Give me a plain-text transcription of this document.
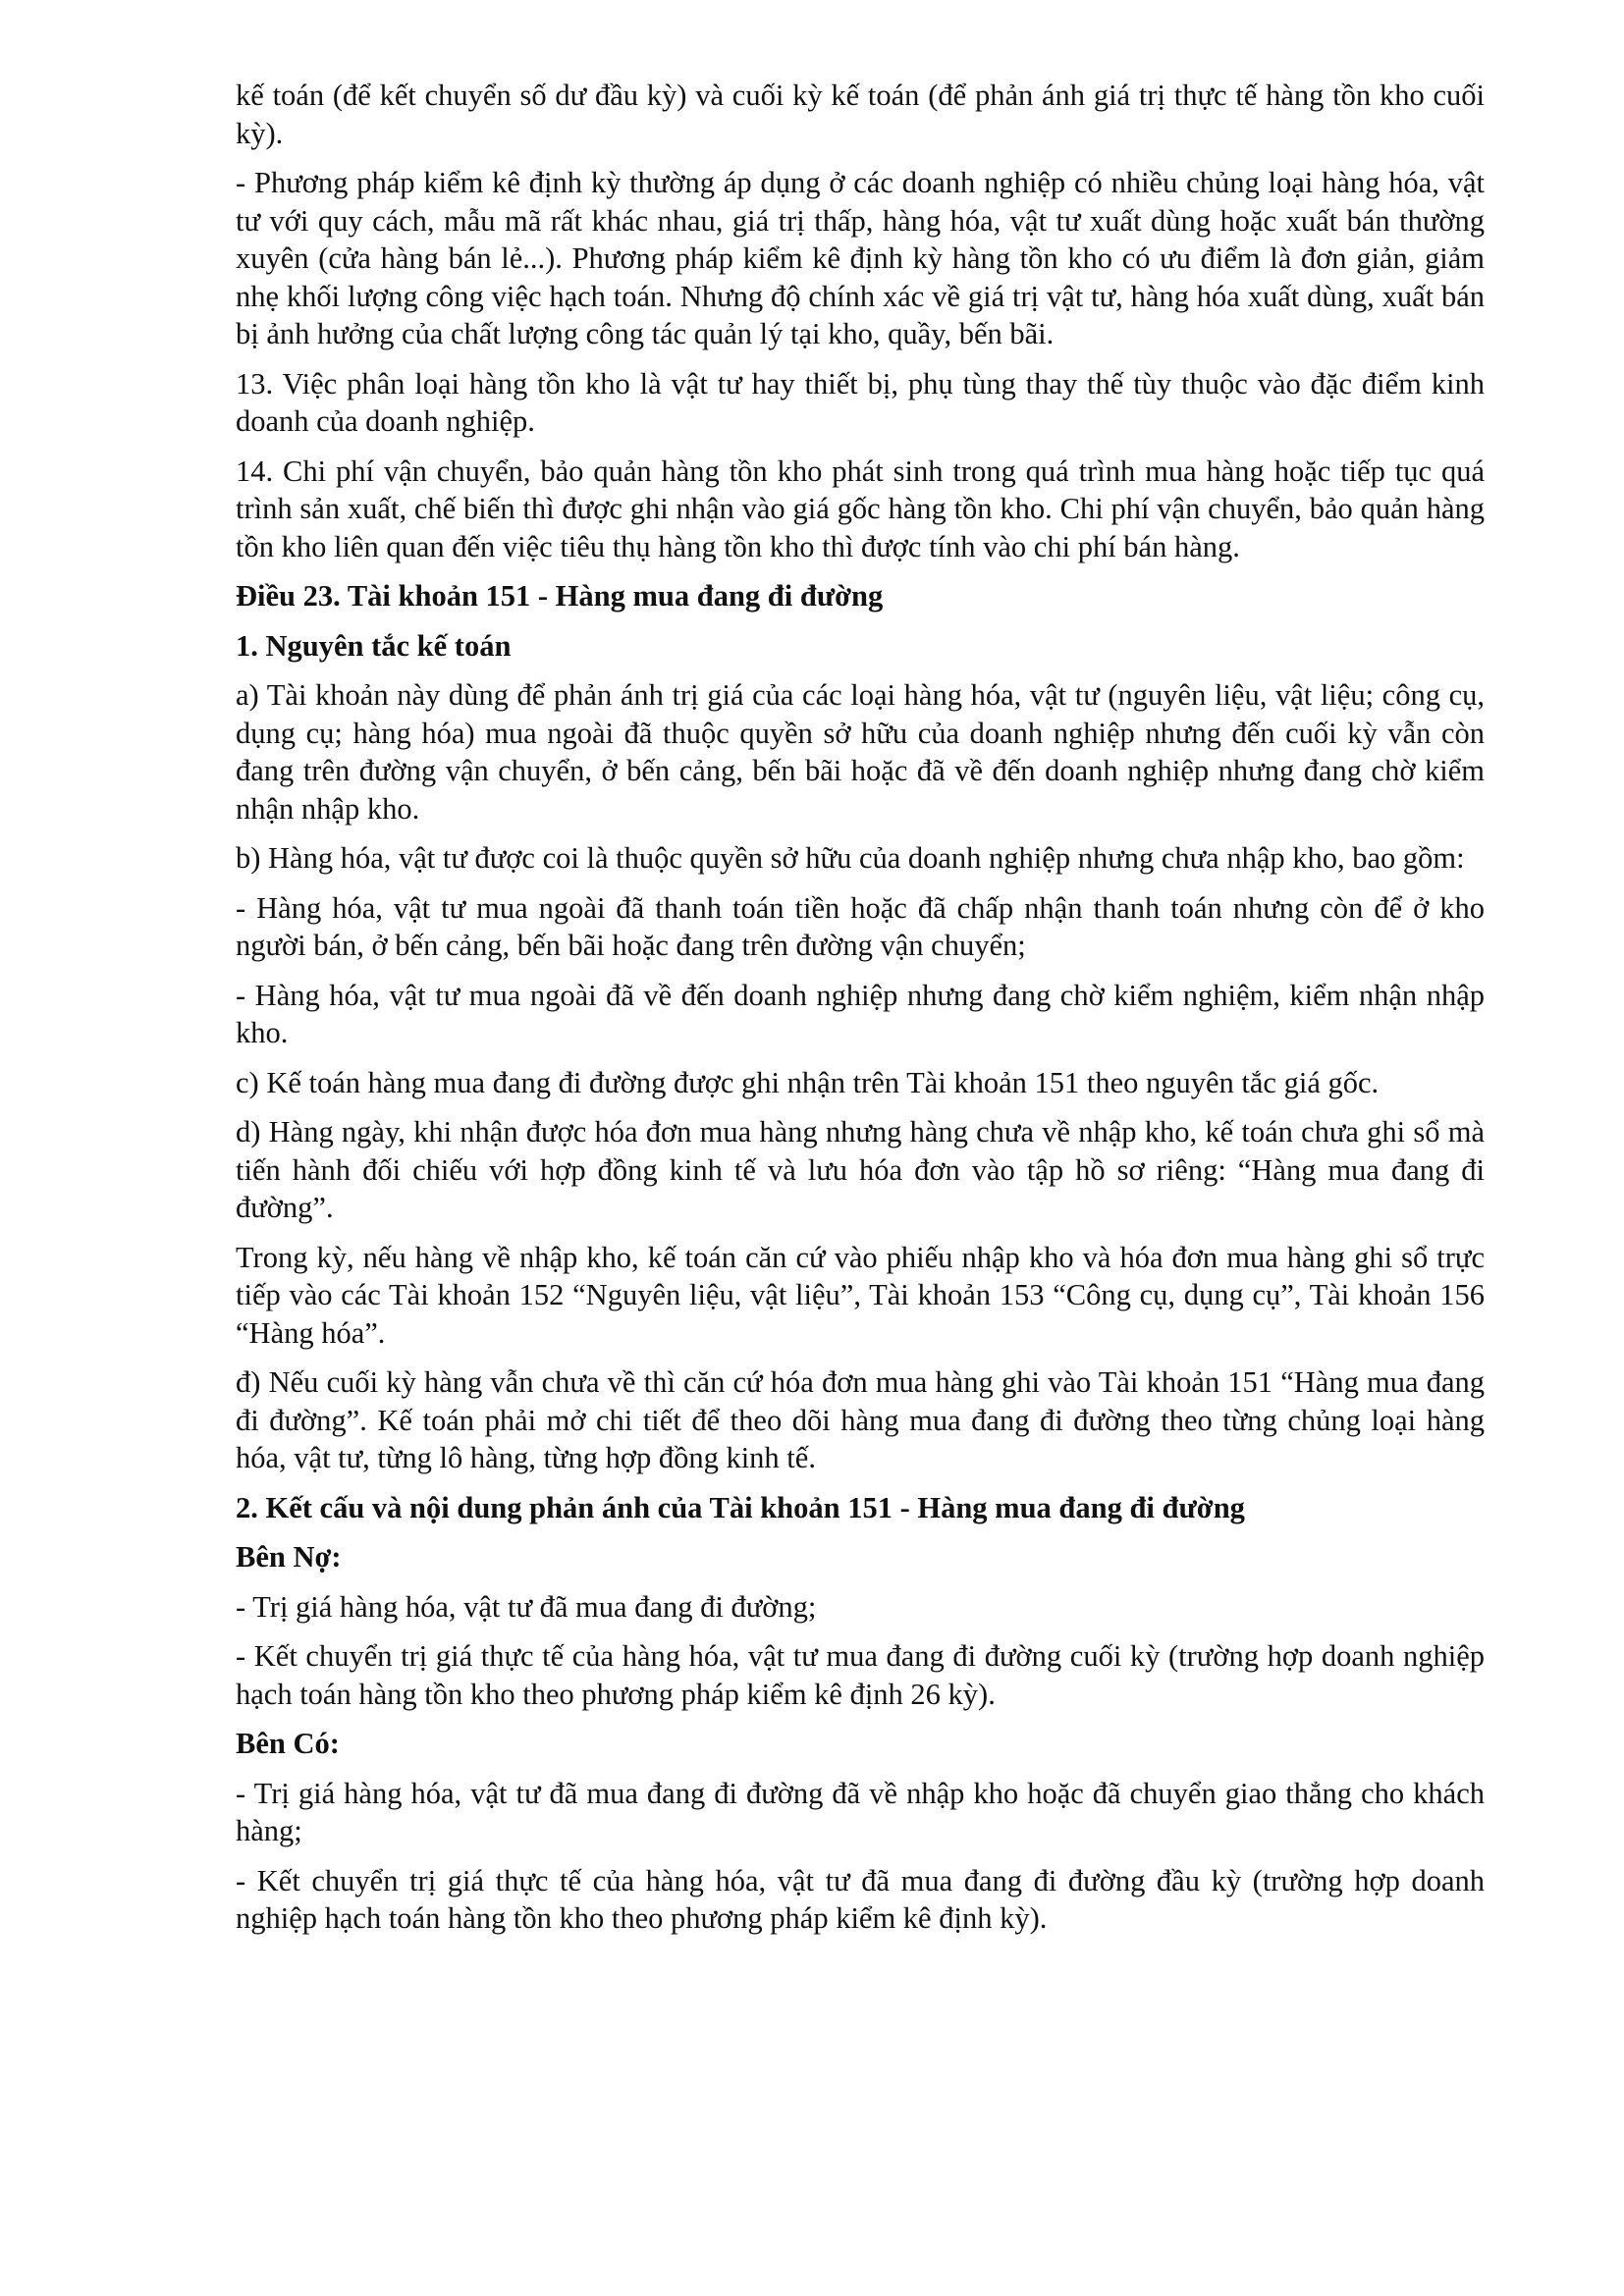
kế toán (để kết chuyển số dư đầu kỳ) và cuối kỳ kế toán (để phản ánh giá trị thực tế hàng tồn kho cuối kỳ).

- Phương pháp kiểm kê định kỳ thường áp dụng ở các doanh nghiệp có nhiều chủng loại hàng hóa, vật tư với quy cách, mẫu mã rất khác nhau, giá trị thấp, hàng hóa, vật tư xuất dùng hoặc xuất bán thường xuyên (cửa hàng bán lẻ...). Phương pháp kiểm kê định kỳ hàng tồn kho có ưu điểm là đơn giản, giảm nhẹ khối lượng công việc hạch toán. Nhưng độ chính xác về giá trị vật tư, hàng hóa xuất dùng, xuất bán bị ảnh hưởng của chất lượng công tác quản lý tại kho, quầy, bến bãi.

13. Việc phân loại hàng tồn kho là vật tư hay thiết bị, phụ tùng thay thế tùy thuộc vào đặc điểm kinh doanh của doanh nghiệp.

14. Chi phí vận chuyển, bảo quản hàng tồn kho phát sinh trong quá trình mua hàng hoặc tiếp tục quá trình sản xuất, chế biến thì được ghi nhận vào giá gốc hàng tồn kho. Chi phí vận chuyển, bảo quản hàng tồn kho liên quan đến việc tiêu thụ hàng tồn kho thì được tính vào chi phí bán hàng.

Điều 23. Tài khoản 151 - Hàng mua đang đi đường

1. Nguyên tắc kế toán

a) Tài khoản này dùng để phản ánh trị giá của các loại hàng hóa, vật tư (nguyên liệu, vật liệu; công cụ, dụng cụ; hàng hóa) mua ngoài đã thuộc quyền sở hữu của doanh nghiệp nhưng đến cuối kỳ vẫn còn đang trên đường vận chuyển, ở bến cảng, bến bãi hoặc đã về đến doanh nghiệp nhưng đang chờ kiểm nhận nhập kho.

b) Hàng hóa, vật tư được coi là thuộc quyền sở hữu của doanh nghiệp nhưng chưa nhập kho, bao gồm:

- Hàng hóa, vật tư mua ngoài đã thanh toán tiền hoặc đã chấp nhận thanh toán nhưng còn để ở kho người bán, ở bến cảng, bến bãi hoặc đang trên đường vận chuyển;

- Hàng hóa, vật tư mua ngoài đã về đến doanh nghiệp nhưng đang chờ kiểm nghiệm, kiểm nhận nhập kho.

c) Kế toán hàng mua đang đi đường được ghi nhận trên Tài khoản 151 theo nguyên tắc giá gốc.

d) Hàng ngày, khi nhận được hóa đơn mua hàng nhưng hàng chưa về nhập kho, kế toán chưa ghi sổ mà tiến hành đối chiếu với hợp đồng kinh tế và lưu hóa đơn vào tập hồ sơ riêng: “Hàng mua đang đi đường”.

Trong kỳ, nếu hàng về nhập kho, kế toán căn cứ vào phiếu nhập kho và hóa đơn mua hàng ghi sổ trực tiếp vào các Tài khoản 152 “Nguyên liệu, vật liệu”, Tài khoản 153 “Công cụ, dụng cụ”, Tài khoản 156 “Hàng hóa”.

đ) Nếu cuối kỳ hàng vẫn chưa về thì căn cứ hóa đơn mua hàng ghi vào Tài khoản 151 “Hàng mua đang đi đường”. Kế toán phải mở chi tiết để theo dõi hàng mua đang đi đường theo từng chủng loại hàng hóa, vật tư, từng lô hàng, từng hợp đồng kinh tế.

2. Kết cấu và nội dung phản ánh của Tài khoản 151 - Hàng mua đang đi đường

Bên Nợ:

- Trị giá hàng hóa, vật tư đã mua đang đi đường;

- Kết chuyển trị giá thực tế của hàng hóa, vật tư mua đang đi đường cuối kỳ (trường hợp doanh nghiệp hạch toán hàng tồn kho theo phương pháp kiểm kê định 26 kỳ).

Bên Có:

- Trị giá hàng hóa, vật tư đã mua đang đi đường đã về nhập kho hoặc đã chuyển giao thẳng cho khách hàng;

- Kết chuyển trị giá thực tế của hàng hóa, vật tư đã mua đang đi đường đầu kỳ (trường hợp doanh nghiệp hạch toán hàng tồn kho theo phương pháp kiểm kê định kỳ).
